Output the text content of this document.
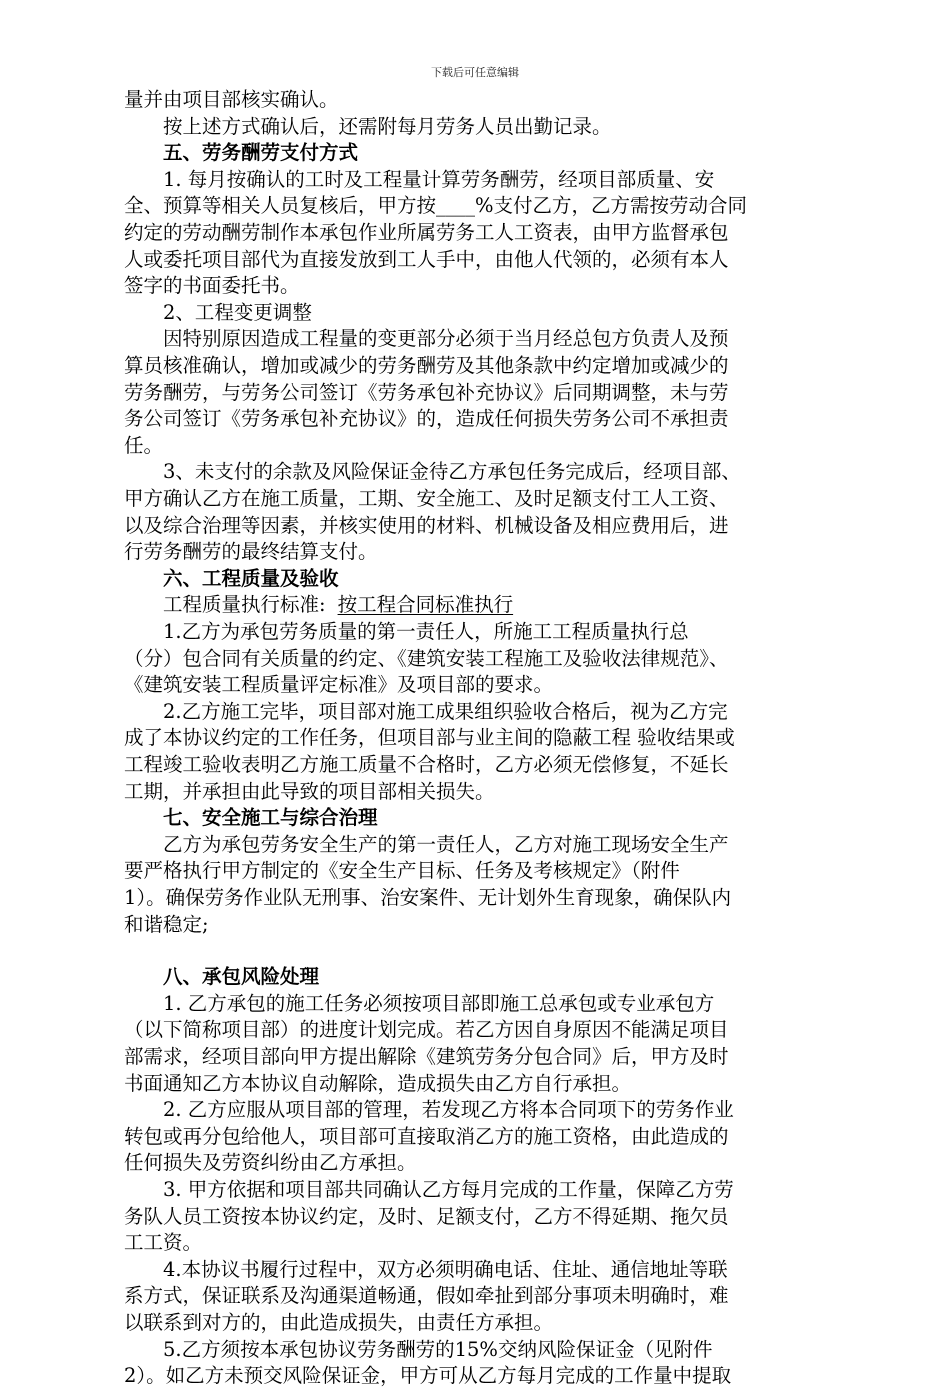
下载后可任意编辑
量并由项目部核实确认。
按上述方式确认后，还需附每月劳务人员出勤记录。
五、劳务酬劳支付方式
1. 每月按确认的工时及工程量计算劳务酬劳，经项目部质量、安
全、预算等相关人员复核后，甲方按____%支付乙方，乙方需按劳动合同
约定的劳动酬劳制作本承包作业所属劳务工人工资表，由甲方监督承包
人或委托项目部代为直接发放到工人手中，由他人代领的，必须有本人
签字的书面委托书。
2、工程变更调整
因特别原因造成工程量的变更部分必须于当月经总包方负责人及预
算员核准确认，增加或减少的劳务酬劳及其他条款中约定增加或减少的
劳务酬劳，与劳务公司签订《劳务承包补充协议》后同期调整，未与劳
务公司签订《劳务承包补充协议》的，造成任何损失劳务公司不承担责
任。
3、未支付的余款及风险保证金待乙方承包任务完成后，经项目部、
甲方确认乙方在施工质量，工期、安全施工、及时足额支付工人工资、
以及综合治理等因素，并核实使用的材料、机械设备及相应费用后，进
行劳务酬劳的最终结算支付。
六、工程质量及验收
工程质量执行标准: 按工程合同标准执行
1.乙方为承包劳务质量的第一责任人，所施工工程质量执行总
（分）包合同有关质量的约定、《建筑安装工程施工及验收法律规范》、
《建筑安装工程质量评定标准》及项目部的要求。
2.乙方施工完毕，项目部对施工成果组织验收合格后，视为乙方完
成了本协议约定的工作任务，但项目部与业主间的隐蔽工程 验收结果或
工程竣工验收表明乙方施工质量不合格时，乙方必须无偿修复，不延长
工期，并承担由此导致的项目部相关损失。
七、安全施工与综合治理
乙方为承包劳务安全生产的第一责任人，乙方对施工现场安全生产
要严格执行甲方制定的《安全生产目标、任务及考核规定》（附件
1）。确保劳务作业队无刑事、治安案件、无计划外生育现象，确保队内
和谐稳定;
八、承包风险处理
1. 乙方承包的施工任务必须按项目部即施工总承包或专业承包方
（以下简称项目部）的进度计划完成。若乙方因自身原因不能满足项目
部需求，经项目部向甲方提出解除《建筑劳务分包合同》后，甲方及时
书面通知乙方本协议自动解除，造成损失由乙方自行承担。
2. 乙方应服从项目部的管理，若发现乙方将本合同项下的劳务作业
转包或再分包给他人，项目部可直接取消乙方的施工资格，由此造成的
任何损失及劳资纠纷由乙方承担。
3. 甲方依据和项目部共同确认乙方每月完成的工作量，保障乙方劳
务队人员工资按本协议约定，及时、足额支付，乙方不得延期、拖欠员
工工资。
4.本协议书履行过程中，双方必须明确电话、住址、通信地址等联
系方式，保证联系及沟通渠道畅通，假如牵扯到部分事项未明确时，难
以联系到对方的，由此造成损失，由责任方承担。
5.乙方须按本承包协议劳务酬劳的15%交纳风险保证金（见附件
2）。如乙方未预交风险保证金，甲方可从乙方每月完成的工作量中提取
